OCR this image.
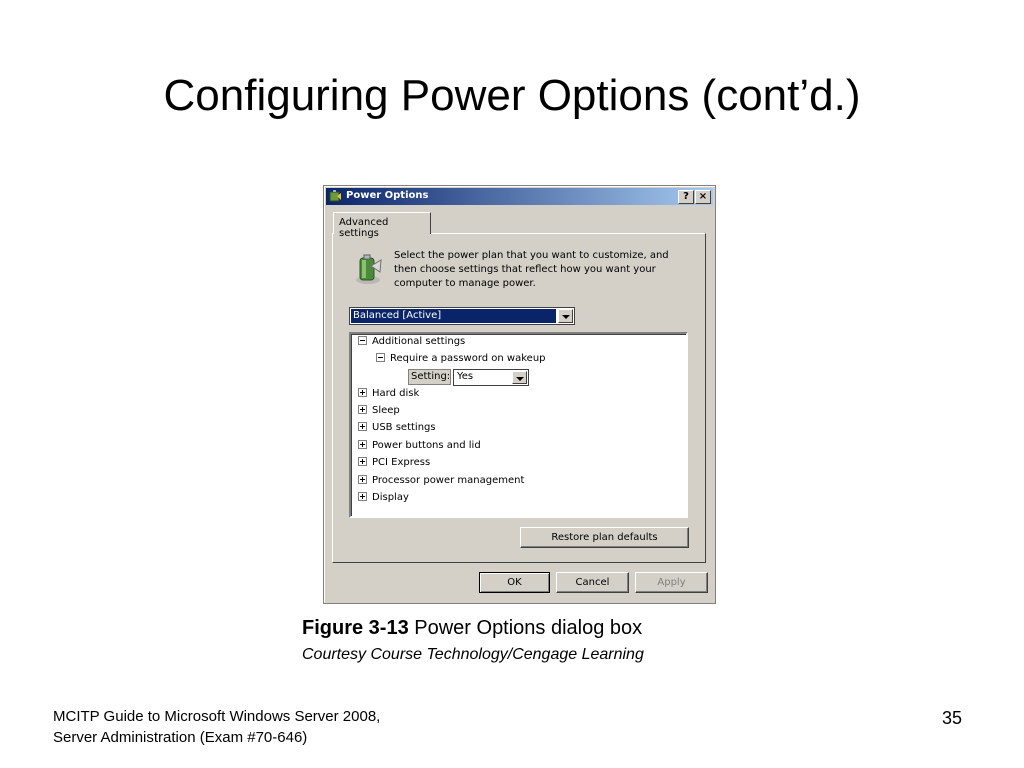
Configuring Power Options (cont’d.)
Power Options	? ×
Advanced settings
Select the power plan that you want to customize, and then choose settings that reflect how you want your computer to manage power.
Balanced [Active]
Additional settings
Require a password on wakeup
Setting: Yes
Hard disk
Sleep
USB settings
Power buttons and lid
PCI Express
Processor power management
Display
Restore plan defaults
OK	Cancel	Apply
Figure 3-13 Power Options dialog box
Courtesy Course Technology/Cengage Learning
MCITP Guide to Microsoft Windows Server 2008,
Server Administration (Exam #70-646)
35
